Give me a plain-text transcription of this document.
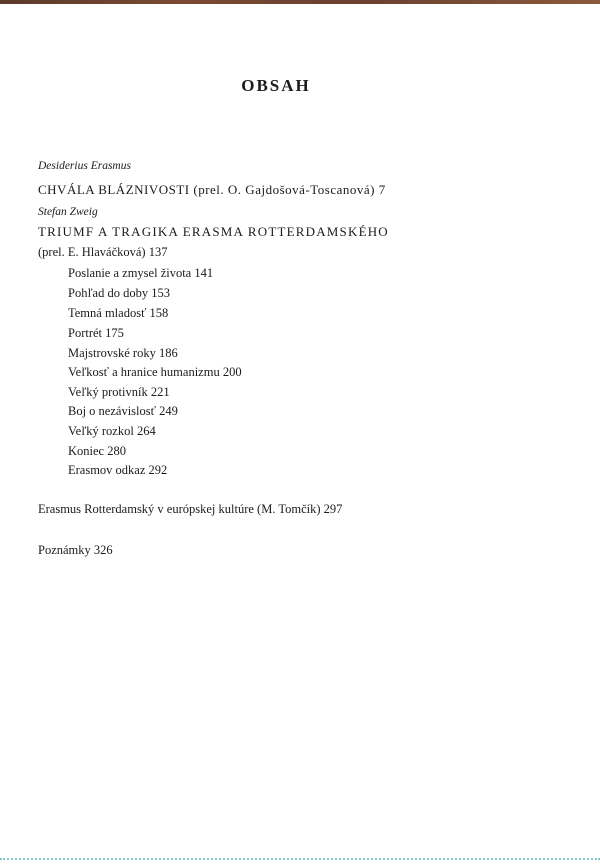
OBSAH
Desiderius Erasmus
CHVÁLA BLÁZNIVOSTI (prel. O. Gajdošová-Toscanová) 7
Stefan Zweig
TRIUMF A TRAGIKA ERASMA ROTTERDAMSKÉHO
(prel. E. Hlaváčková) 137
Poslanie a zmysel života 141
Pohľad do doby 153
Temná mladosť 158
Portrét 175
Majstrovské roky 186
Veľkosť a hranice humanizmu 200
Veľký protivník 221
Boj o nezávislosť 249
Veľký rozkol 264
Koniec 280
Erasmov odkaz 292
Erasmus Rotterdamský v európskej kultúre (M. Tomčík) 297
Poznámky 326
